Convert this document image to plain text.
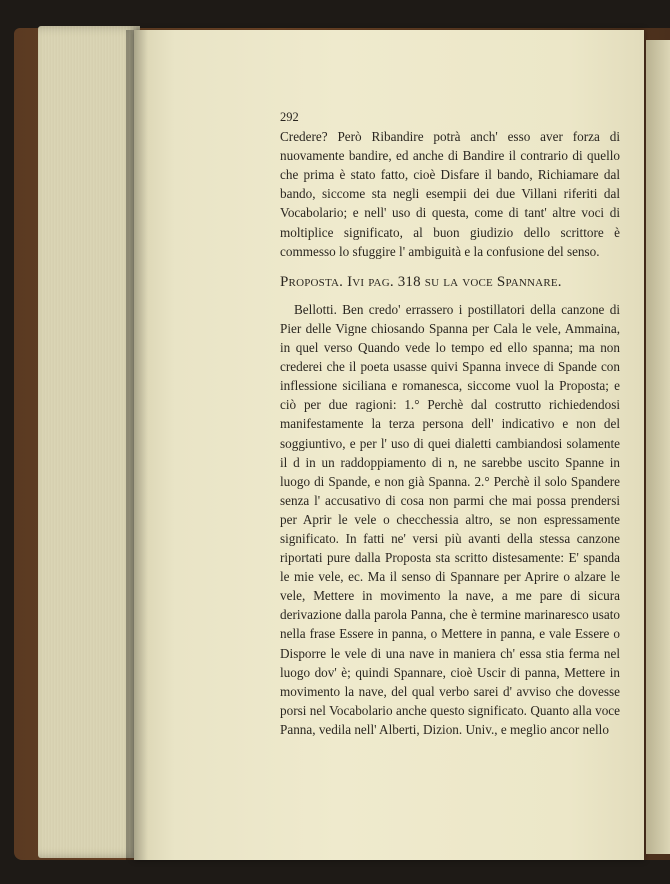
292

Credere? Però Ribandire potrà anch' esso aver forza di nuovamente bandire, ed anche di Bandire il contrario di quello che prima è stato fatto, cioè Disfare il bando, Richiamare dal bando, siccome sta negli esempii dei due Villani riferiti dal Vocabolario; e nell' uso di questa, come di tant' altre voci di moltiplice significato, al buon giudizio dello scrittore è commesso lo sfuggire l' ambiguità e la confusione del senso.

Proposta. Ivi pag. 318 su la voce Spannare.

Bellotti. Ben credo' errassero i postillatori della canzone di Pier delle Vigne chiosando Spanna per Cala le vele, Ammaina, in quel verso Quando vede lo tempo ed ello spanna; ma non crederei che il poeta usasse quivi Spanna invece di Spande con inflessione siciliana e romanesca, siccome vuol la Proposta; e ciò per due ragioni: 1.° Perchè dal costrutto richiedendosi manifestamente la terza persona dell' indicativo e non del soggiuntivo, e per l' uso di quei dialetti cambiandosi solamente il d in un raddoppiamento di n, ne sarebbe uscito Spanne in luogo di Spande, e non già Spanna. 2.° Perchè il solo Spandere senza l' accusativo di cosa non parmi che mai possa prendersi per Aprir le vele o checchessia altro, se non espressamente significato. In fatti ne' versi più avanti della stessa canzone riportati pure dalla Proposta sta scritto distesamente: E' spanda le mie vele, ec. Ma il senso di Spannare per Aprire o alzare le vele, Mettere in movimento la nave, a me pare di sicura derivazione dalla parola Panna, che è termine marinaresco usato nella frase Essere in panna, o Mettere in panna, e vale Essere o Disporre le vele di una nave in maniera ch' essa stia ferma nel luogo dov' è; quindi Spannare, cioè Uscir di panna, Mettere in movimento la nave, del qual verbo sarei d' avviso che dovesse porsi nel Vocabolario anche questo significato. Quanto alla voce Panna, vedila nell' Alberti, Dizion. Univ., e meglio ancor nello
